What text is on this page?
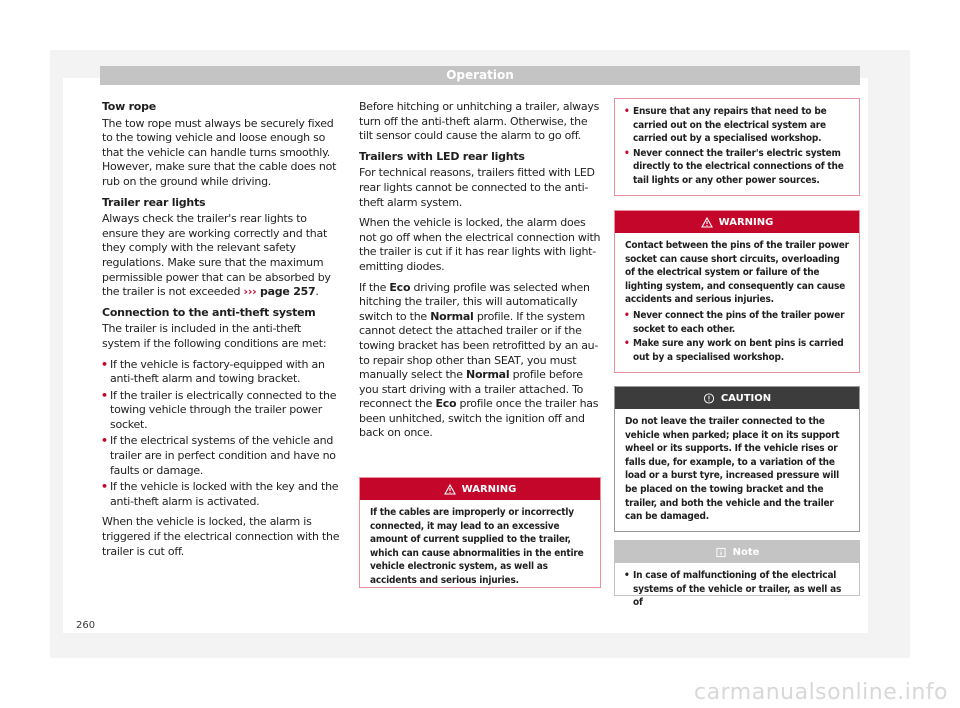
Operation
Tow rope

The tow rope must always be securely fixed to the towing vehicle and loose enough so that the vehicle can handle turns smoothly. However, make sure that the cable does not rub on the ground while driving.

Trailer rear lights

Always check the trailer's rear lights to ensure they are working correctly and that they comply with the relevant safety regulations. Make sure that the maximum permissible power that can be absorbed by the trailer is not exceeded ››› page 257.

Connection to the anti-theft system

The trailer is included in the anti-theft system if the following conditions are met:

• If the vehicle is factory-equipped with an anti-theft alarm and towing bracket.
• If the trailer is electrically connected to the towing vehicle through the trailer power socket.
• If the electrical systems of the vehicle and trailer are in perfect condition and have no faults or damage.
• If the vehicle is locked with the key and the anti-theft alarm is activated.

When the vehicle is locked, the alarm is triggered if the electrical connection with the trailer is cut off.

Before hitching or unhitching a trailer, always turn off the anti-theft alarm. Otherwise, the tilt sensor could cause the alarm to go off.

Trailers with LED rear lights

For technical reasons, trailers fitted with LED rear lights cannot be connected to the anti-theft alarm system.

When the vehicle is locked, the alarm does not go off when the electrical connection with the trailer is cut if it has rear lights with light-emitting diodes.

If the Eco driving profile was selected when hitching the trailer, this will automatically switch to the Normal profile. If the system cannot detect the attached trailer or if the towing bracket has been retrofitted by an au-to repair shop other than SEAT, you must manually select the Normal profile before you start driving with a trailer attached. To reconnect the Eco profile once the trailer has been unhitched, switch the ignition off and back on once.

WARNING
If the cables are improperly or incorrectly connected, it may lead to an excessive amount of current supplied to the trailer, which can cause abnormalities in the entire vehicle electronic system, as well as accidents and serious injuries.
• Ensure that any repairs that need to be carried out on the electrical system are carried out by a specialised workshop.
• Never connect the trailer's electric system directly to the electrical connections of the tail lights or any other power sources.
WARNING

Contact between the pins of the trailer power socket can cause short circuits, overloading of the electrical system or failure of the lighting system, and consequently can cause accidents and serious injuries.

• Never connect the pins of the trailer power socket to each other.
• Make sure any work on bent pins is carried out by a specialised workshop.
CAUTION
Do not leave the trailer connected to the vehicle when parked; place it on its support wheel or its supports. If the vehicle rises or falls due, for example, to a variation of the load or a burst tyre, increased pressure will be placed on the towing bracket and the trailer, and both the vehicle and the trailer can be damaged.
Note
• In case of malfunctioning of the electrical systems of the vehicle or trailer, as well as of
260
carmanualsonline.info
